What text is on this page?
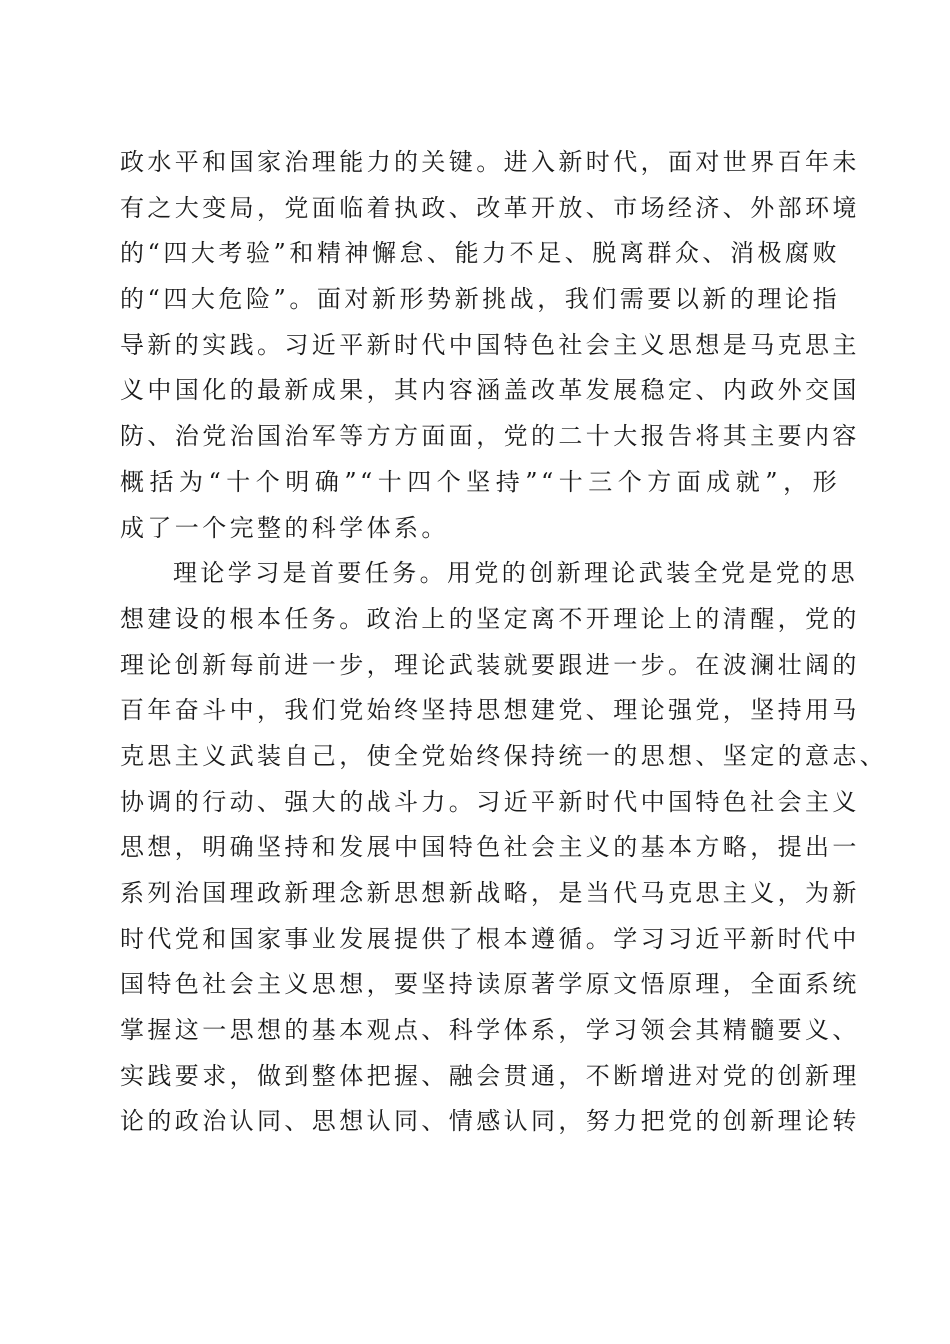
政水平和国家治理能力的关键。进入新时代，面对世界百年未
有之大变局，党面临着执政、改革开放、市场经济、外部环境
的“四大考验”和精神懈怠、能力不足、脱离群众、消极腐败
的“四大危险”。面对新形势新挑战，我们需要以新的理论指
导新的实践。习近平新时代中国特色社会主义思想是马克思主
义中国化的最新成果，其内容涵盖改革发展稳定、内政外交国
防、治党治国治军等方方面面，党的二十大报告将其主要内容
概括为“十个明确”“十四个坚持”“十三个方面成就”，形
成了一个完整的科学体系。
理论学习是首要任务。用党的创新理论武装全党是党的思
想建设的根本任务。政治上的坚定离不开理论上的清醒，党的
理论创新每前进一步，理论武装就要跟进一步。在波澜壮阔的
百年奋斗中，我们党始终坚持思想建党、理论强党，坚持用马
克思主义武装自己，使全党始终保持统一的思想、坚定的意志、
协调的行动、强大的战斗力。习近平新时代中国特色社会主义
思想，明确坚持和发展中国特色社会主义的基本方略，提出一
系列治国理政新理念新思想新战略，是当代马克思主义，为新
时代党和国家事业发展提供了根本遵循。学习习近平新时代中
国特色社会主义思想，要坚持读原著学原文悟原理，全面系统
掌握这一思想的基本观点、科学体系，学习领会其精髓要义、
实践要求，做到整体把握、融会贯通，不断增进对党的创新理
论的政治认同、思想认同、情感认同，努力把党的创新理论转
